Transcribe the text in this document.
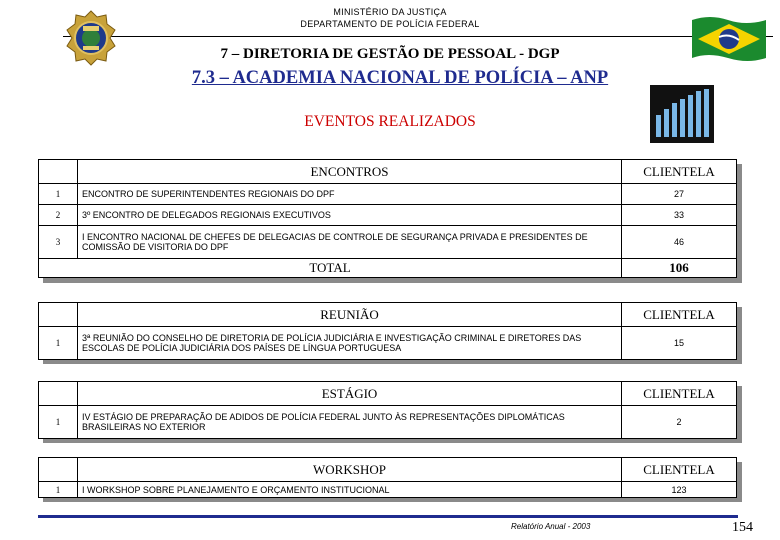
MINISTÉRIO DA JUSTIÇA
DEPARTAMENTO DE POLÍCIA FEDERAL
7 – DIRETORIA DE GESTÃO DE PESSOAL - DGP
7.3 – ACADEMIA NACIONAL DE POLÍCIA – ANP
EVENTOS REALIZADOS
	ENCONTROS	CLIENTELA
1	ENCONTRO DE SUPERINTENDENTES REGIONAIS DO DPF	27
2	3º ENCONTRO DE DELEGADOS REGIONAIS EXECUTIVOS	33
3	I ENCONTRO NACIONAL DE CHEFES DE DELEGACIAS DE CONTROLE DE SEGURANÇA PRIVADA E PRESIDENTES DE COMISSÃO DE VISITORIA DO DPF	46
TOTAL		106
	REUNIÃO	CLIENTELA
1	3ª REUNIÃO DO CONSELHO DE DIRETORIA DE POLÍCIA JUDICIÁRIA E INVESTIGAÇÃO CRIMINAL E DIRETORES DAS ESCOLAS DE POLÍCIA JUDICIÁRIA DOS PAÍSES DE LÍNGUA PORTUGUESA	15
	ESTÁGIO	CLIENTELA
1	IV ESTÁGIO DE PREPARAÇÃO DE ADIDOS DE POLÍCIA FEDERAL JUNTO ÀS REPRESENTAÇÕES DIPLOMÁTICAS BRASILEIRAS NO EXTERIOR	2
	WORKSHOP	CLIENTELA
1	I WORKSHOP SOBRE PLANEJAMENTO E ORÇAMENTO INSTITUCIONAL	123
Relatório Anual - 2003	154
